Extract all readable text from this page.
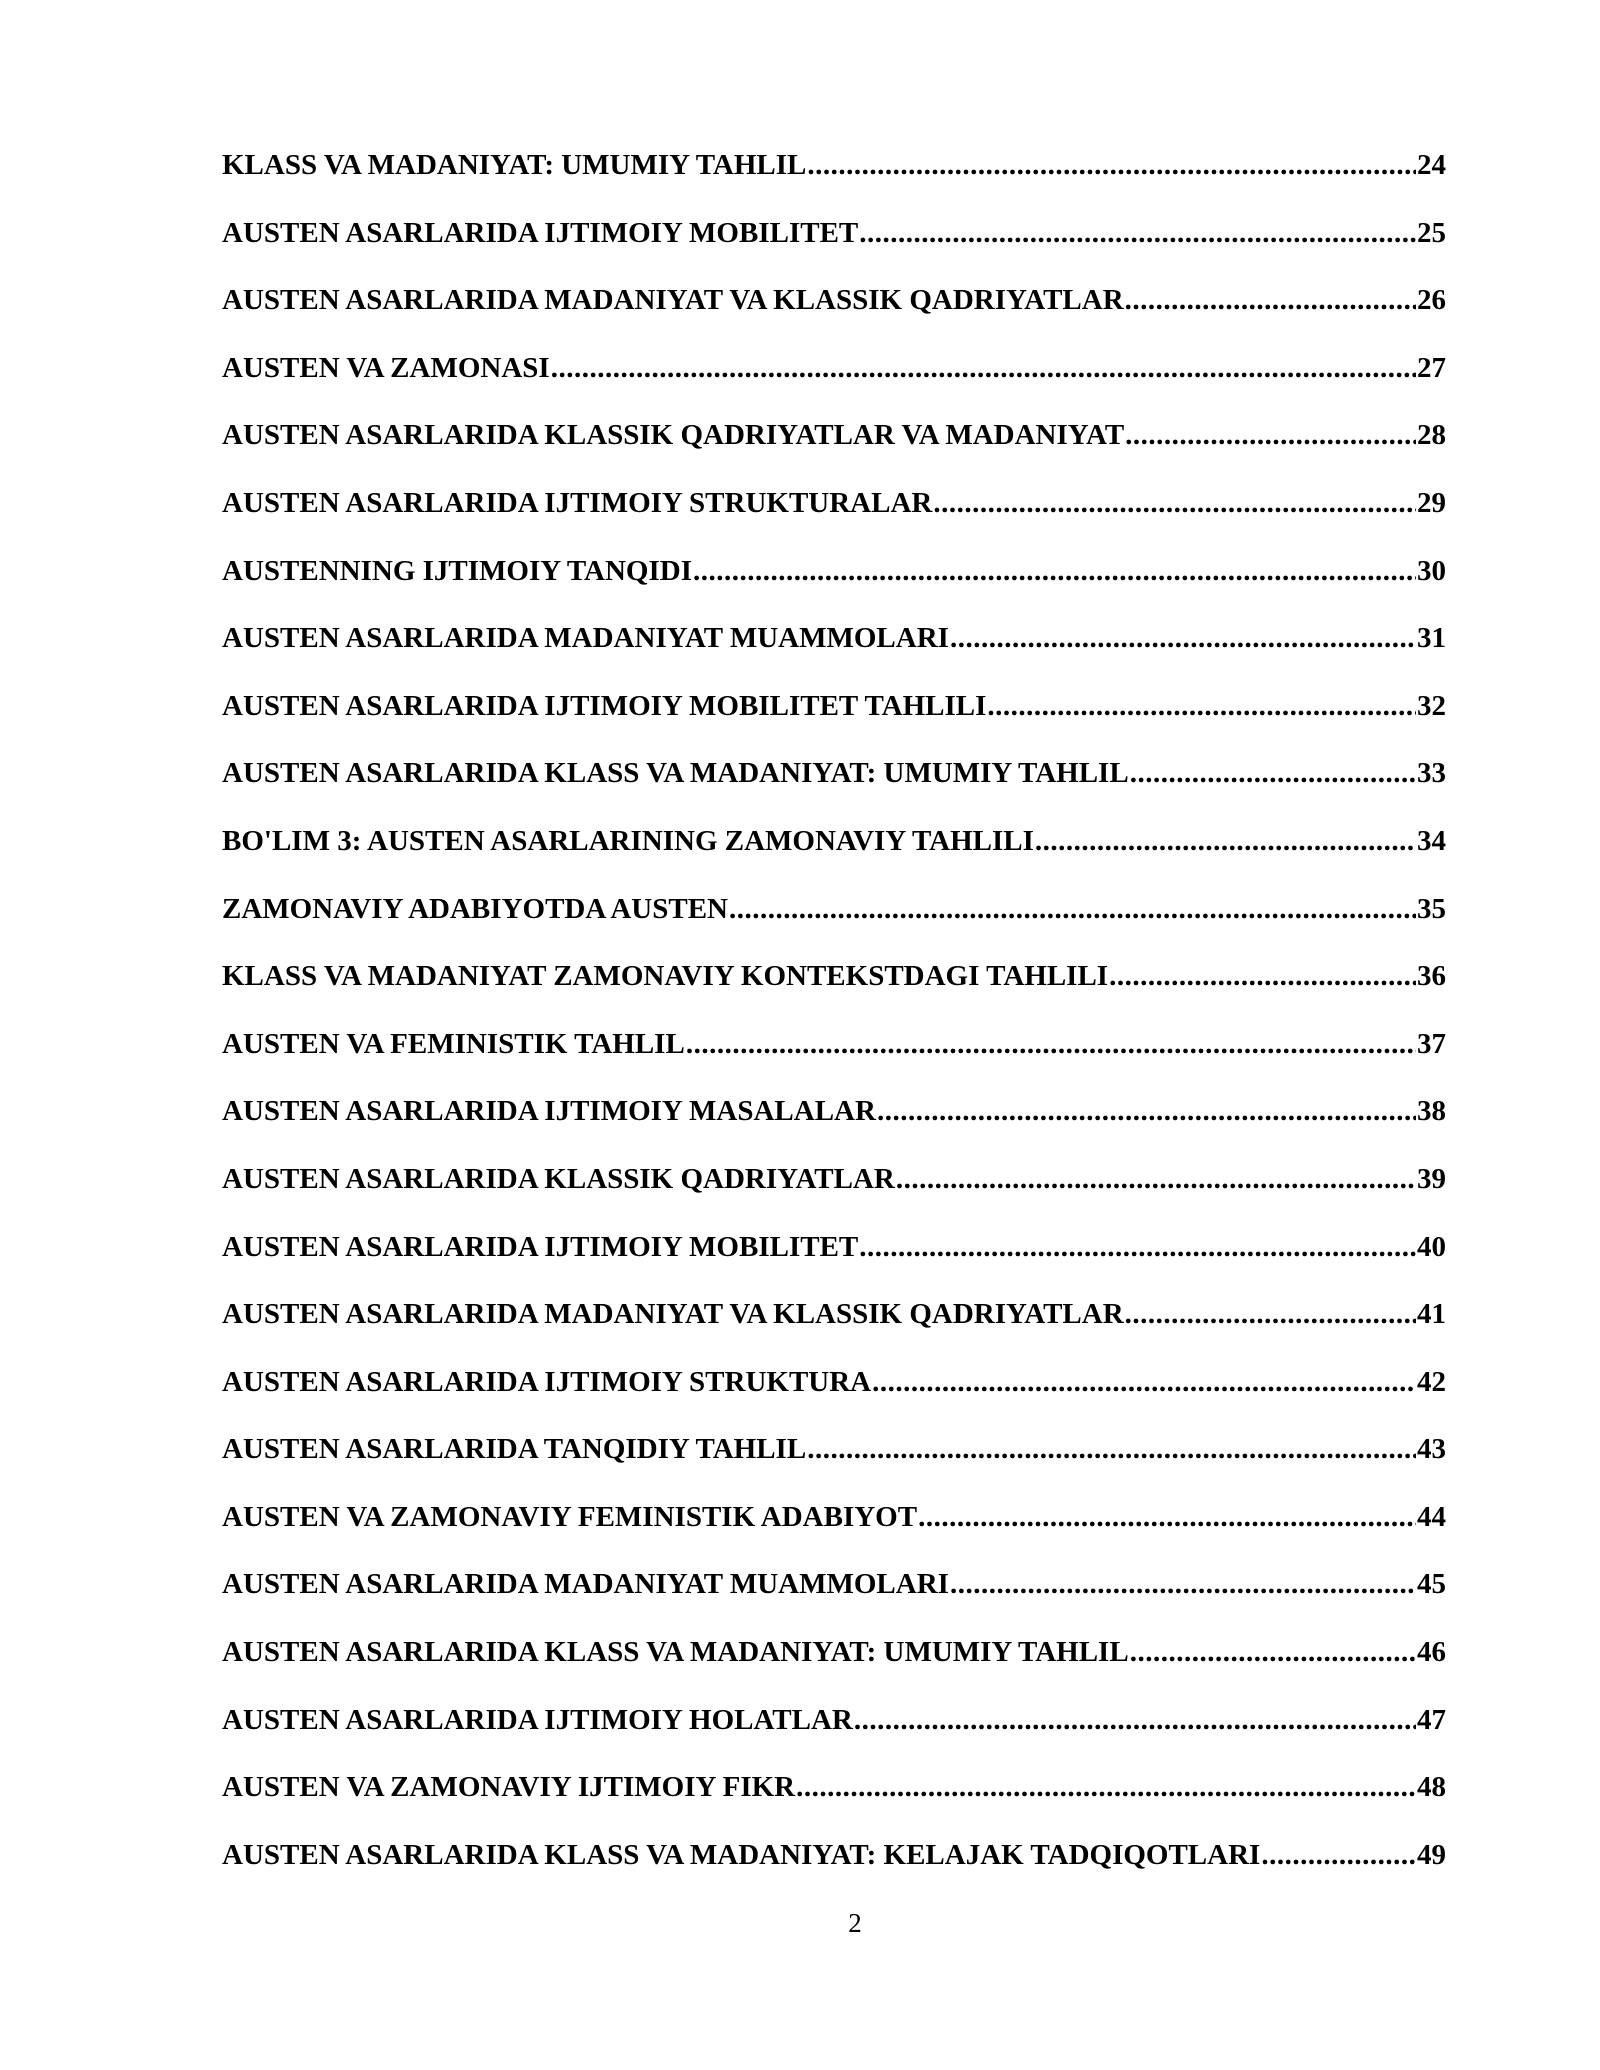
KLASS VA MADANIYAT: UMUMIY TAHLIL .....	24
AUSTEN ASARLARIDA IJTIMOIY MOBILITET .....	25
AUSTEN ASARLARIDA MADANIYAT VA KLASSIK QADRIYATLAR .....	26
AUSTEN VA ZAMONASI .....	27
AUSTEN ASARLARIDA KLASSIK QADRIYATLAR VA MADANIYAT .....	28
AUSTEN ASARLARIDA IJTIMOIY STRUKTURALAR .....	29
AUSTENNING IJTIMOIY TANQIDI .....	30
AUSTEN ASARLARIDA MADANIYAT MUAMMOLARI .....	31
AUSTEN ASARLARIDA IJTIMOIY MOBILITET TAHLILI .....	32
AUSTEN ASARLARIDA KLASS VA MADANIYAT: UMUMIY TAHLIL .....	33
BO'LIM 3: AUSTEN ASARLARINING ZAMONAVIY TAHLILI .....	34
ZAMONAVIY ADABIYOTDA AUSTEN .....	35
KLASS VA MADANIYAT ZAMONAVIY KONTEKSTDAGI TAHLILI .....	36
AUSTEN VA FEMINISTIK TAHLIL .....	37
AUSTEN ASARLARIDA IJTIMOIY MASALALAR .....	38
AUSTEN ASARLARIDA KLASSIK QADRIYATLAR .....	39
AUSTEN ASARLARIDA IJTIMOIY MOBILITET .....	40
AUSTEN ASARLARIDA MADANIYAT VA KLASSIK QADRIYATLAR .....	41
AUSTEN ASARLARIDA IJTIMOIY STRUKTURA .....	42
AUSTEN ASARLARIDA TANQIDIY TAHLIL .....	43
AUSTEN VA ZAMONAVIY FEMINISTIK ADABIYOT .....	44
AUSTEN ASARLARIDA MADANIYAT MUAMMOLARI .....	45
AUSTEN ASARLARIDA KLASS VA MADANIYAT: UMUMIY TAHLIL .....	46
AUSTEN ASARLARIDA IJTIMOIY HOLATLAR .....	47
AUSTEN VA ZAMONAVIY IJTIMOIY FIKR .....	48
AUSTEN ASARLARIDA KLASS VA MADANIYAT: KELAJAK TADQIQOTLARI .....	49
2
